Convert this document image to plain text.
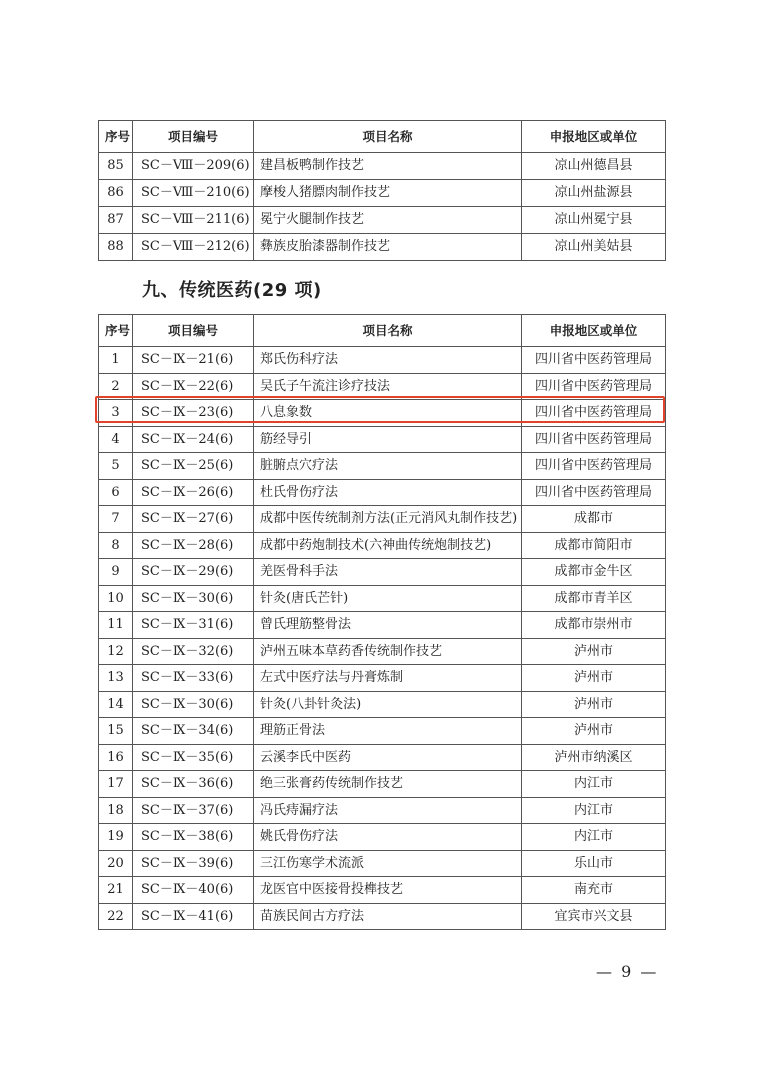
序号	项目编号	项目名称	申报地区或单位
85	SC－Ⅷ－209(6)	建昌板鸭制作技艺	凉山州德昌县
86	SC－Ⅷ－210(6)	摩梭人猪膘肉制作技艺	凉山州盐源县
87	SC－Ⅷ－211(6)	冕宁火腿制作技艺	凉山州冕宁县
88	SC－Ⅷ－212(6)	彝族皮胎漆器制作技艺	凉山州美姑县
九、传统医药(29 项)
序号	项目编号	项目名称	申报地区或单位
1	SC－Ⅸ－21(6)	郑氏伤科疗法	四川省中医药管理局
2	SC－Ⅸ－22(6)	吴氏子午流注诊疗技法	四川省中医药管理局
3	SC－Ⅸ－23(6)	八息象数	四川省中医药管理局
4	SC－Ⅸ－24(6)	筋经导引	四川省中医药管理局
5	SC－Ⅸ－25(6)	脏腑点穴疗法	四川省中医药管理局
6	SC－Ⅸ－26(6)	杜氏骨伤疗法	四川省中医药管理局
7	SC－Ⅸ－27(6)	成都中医传统制剂方法(正元消风丸制作技艺)	成都市
8	SC－Ⅸ－28(6)	成都中药炮制技术(六神曲传统炮制技艺)	成都市简阳市
9	SC－Ⅸ－29(6)	羌医骨科手法	成都市金牛区
10	SC－Ⅸ－30(6)	针灸(唐氏芒针)	成都市青羊区
11	SC－Ⅸ－31(6)	曾氏理筋整骨法	成都市崇州市
12	SC－Ⅸ－32(6)	泸州五味本草药香传统制作技艺	泸州市
13	SC－Ⅸ－33(6)	左式中医疗法与丹膏炼制	泸州市
14	SC－Ⅸ－30(6)	针灸(八卦针灸法)	泸州市
15	SC－Ⅸ－34(6)	理筋正骨法	泸州市
16	SC－Ⅸ－35(6)	云溪李氏中医药	泸州市纳溪区
17	SC－Ⅸ－36(6)	绝三张膏药传统制作技艺	内江市
18	SC－Ⅸ－37(6)	冯氏痔漏疗法	内江市
19	SC－Ⅸ－38(6)	姚氏骨伤疗法	内江市
20	SC－Ⅸ－39(6)	三江伤寒学术流派	乐山市
21	SC－Ⅸ－40(6)	龙医官中医接骨投榫技艺	南充市
22	SC－Ⅸ－41(6)	苗族民间古方疗法	宜宾市兴文县
— 9 —
